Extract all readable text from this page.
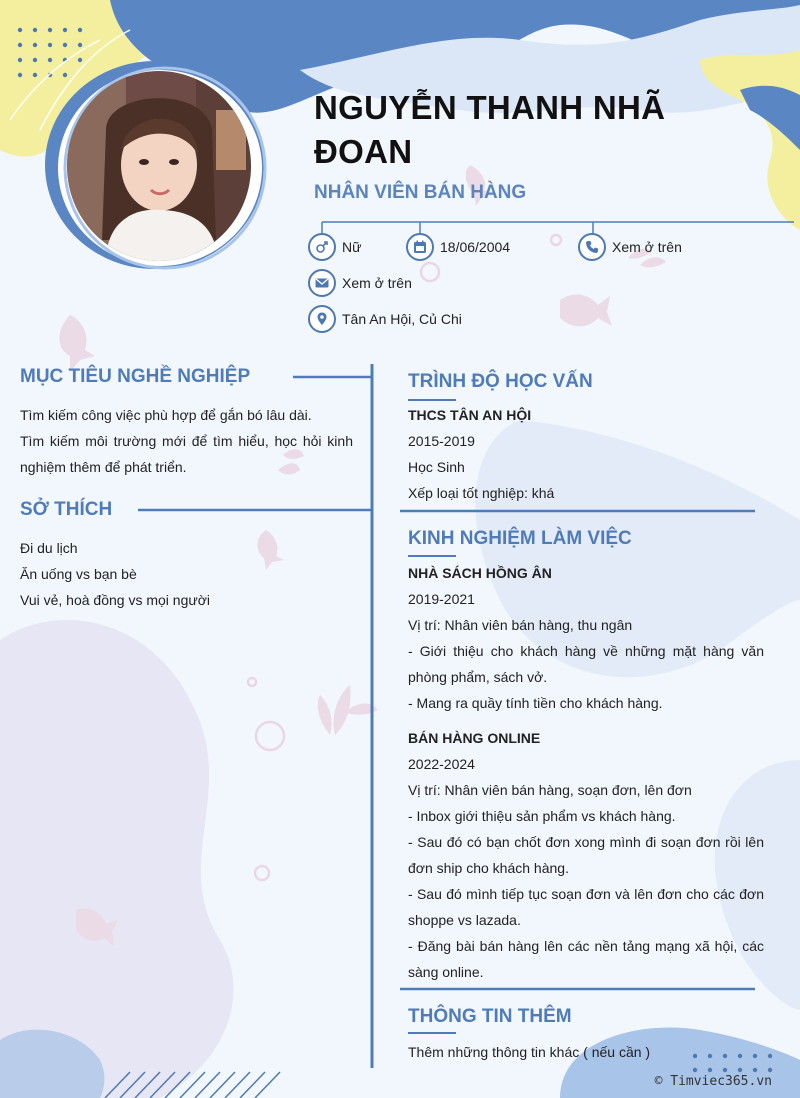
NGUYỄN THANH NHÃ ĐOAN
NHÂN VIÊN BÁN HÀNG
Nữ	18/06/2004	Xem ở trên
Xem ở trên
Tân An Hội, Củ Chi
MỤC TIÊU NGHỀ NGHIỆP
Tìm kiếm công việc phù hợp để gắn bó lâu dài.
Tìm kiếm môi trường mới để tìm hiểu, học hỏi kinh nghiệm thêm để phát triển.
SỞ THÍCH
Đi du lịch
Ăn uống vs bạn bè
Vui vẻ, hoà đồng vs mọi người
TRÌNH ĐỘ HỌC VẤN
THCS TÂN AN HỘI
2015-2019
Học Sinh
Xếp loại tốt nghiệp: khá
KINH NGHIỆM LÀM VIỆC
NHÀ SÁCH HỒNG ÂN
2019-2021
Vị trí: Nhân viên bán hàng, thu ngân
- Giới thiệu cho khách hàng về những mặt hàng văn phòng phẩm, sách vở.
- Mang ra quầy tính tiền cho khách hàng.
BÁN HÀNG ONLINE
2022-2024
Vị trí: Nhân viên bán hàng, soạn đơn, lên đơn
- Inbox giới thiệu sản phẩm vs khách hàng.
- Sau đó có bạn chốt đơn xong mình đi soạn đơn rồi lên đơn ship cho khách hàng.
- Sau đó mình tiếp tục soạn đơn và lên đơn cho các đơn shoppe vs lazada.
- Đăng bài bán hàng lên các nền tảng mạng xã hội, các sàng online.
THÔNG TIN THÊM
Thêm những thông tin khác ( nếu cần )
© Timviec365.vn
